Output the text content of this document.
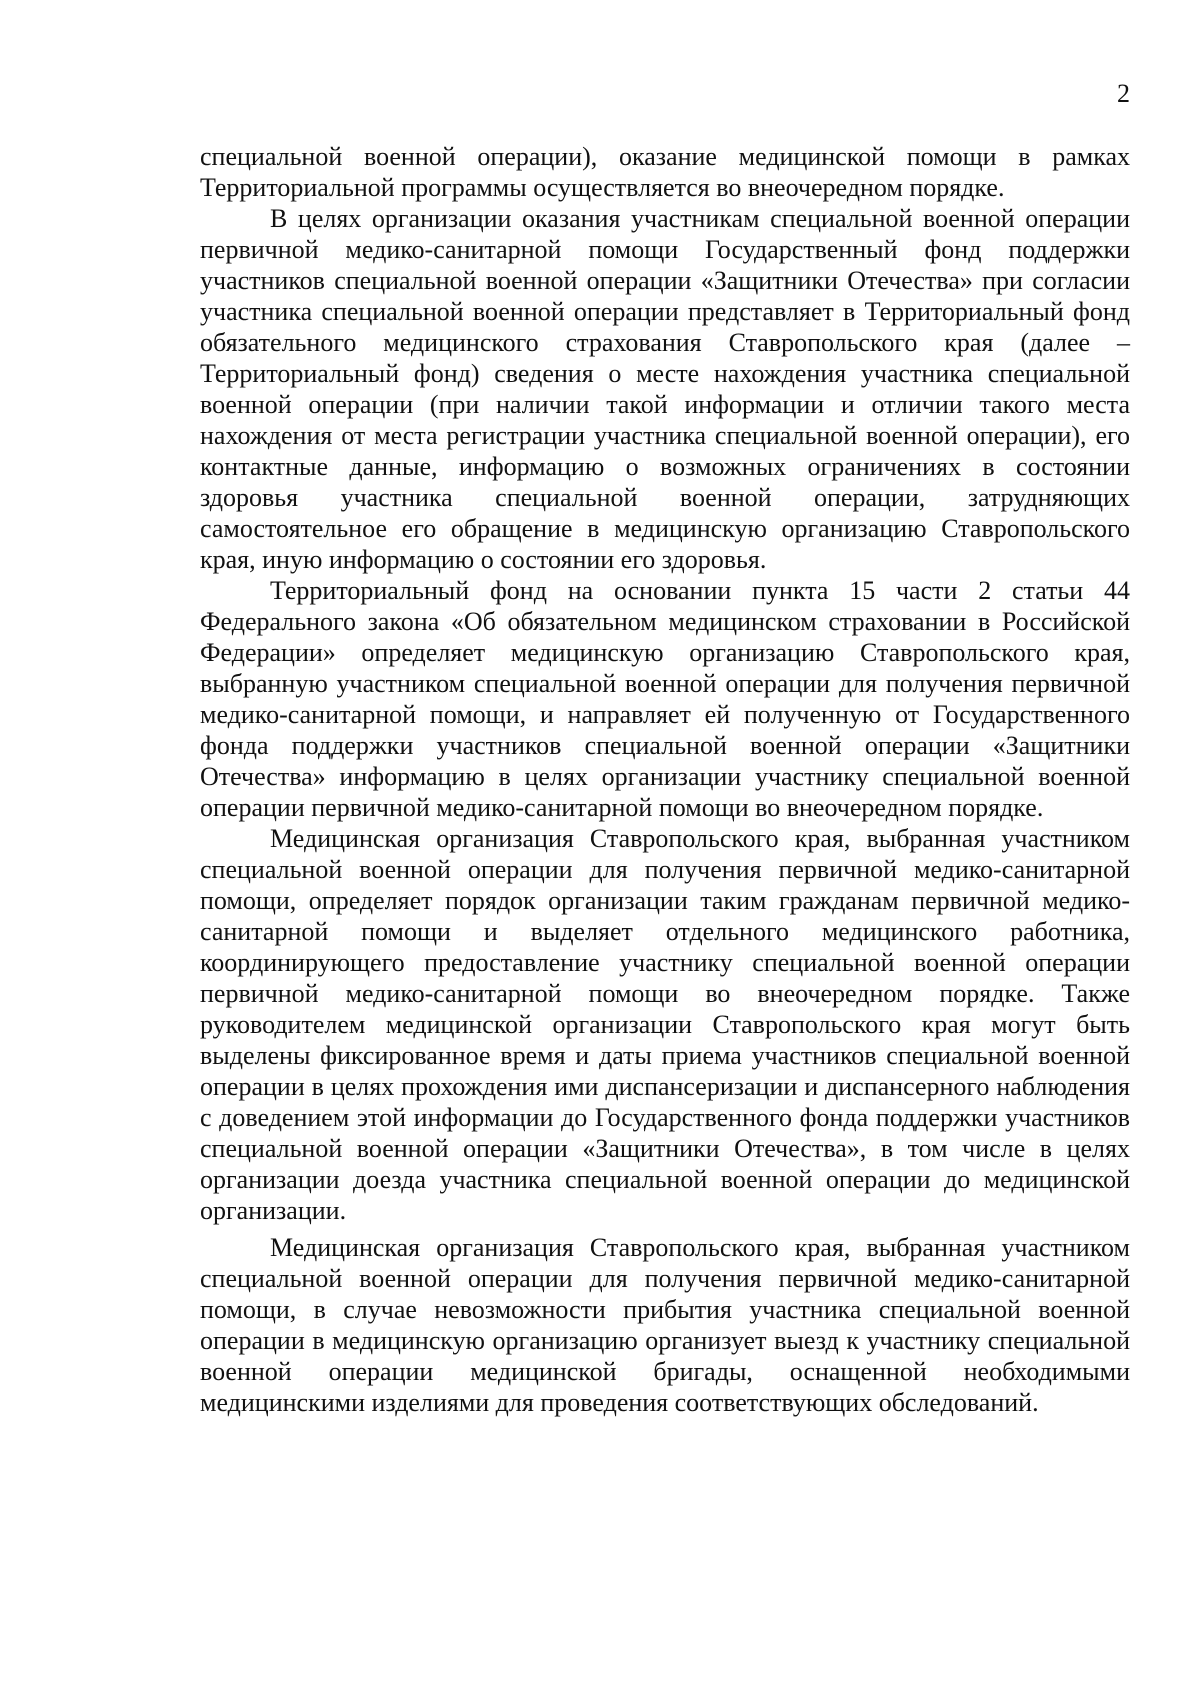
2

специальной военной операции), оказание медицинской помощи в рамках Территориальной программы осуществляется во внеочередном порядке.

В целях организации оказания участникам специальной военной операции первичной медико-санитарной помощи Государственный фонд поддержки участников специальной военной операции «Защитники Отечества» при согласии участника специальной военной операции представляет в Территориальный фонд обязательного медицинского страхования Ставропольского края (далее – Территориальный фонд) сведения о месте нахождения участника специальной военной операции (при наличии такой информации и отличии такого места нахождения от места регистрации участника специальной военной операции), его контактные данные, информацию о возможных ограничениях в состоянии здоровья участника специальной военной операции, затрудняющих самостоятельное его обращение в медицинскую организацию Ставропольского края, иную информацию о состоянии его здоровья.

Территориальный фонд на основании пункта 15 части 2 статьи 44 Федерального закона «Об обязательном медицинском страховании в Российской Федерации» определяет медицинскую организацию Ставропольского края, выбранную участником специальной военной операции для получения первичной медико-санитарной помощи, и направляет ей полученную от Государственного фонда поддержки участников специальной военной операции «Защитники Отечества» информацию в целях организации участнику специальной военной операции первичной медико-санитарной помощи во внеочередном порядке.

Медицинская организация Ставропольского края, выбранная участником специальной военной операции для получения первичной медико-санитарной помощи, определяет порядок организации таким гражданам первичной медико-санитарной помощи и выделяет отдельного медицинского работника, координирующего предоставление участнику специальной военной операции первичной медико-санитарной помощи во внеочередном порядке. Также руководителем медицинской организации Ставропольского края могут быть выделены фиксированное время и даты приема участников специальной военной операции в целях прохождения ими диспансеризации и диспансерного наблюдения с доведением этой информации до Государственного фонда поддержки участников специальной военной операции «Защитники Отечества», в том числе в целях организации доезда участника специальной военной операции до медицинской организации.

Медицинская организация Ставропольского края, выбранная участником специальной военной операции для получения первичной медико-санитарной помощи, в случае невозможности прибытия участника специальной военной операции в медицинскую организацию организует выезд к участнику специальной военной операции медицинской бригады, оснащенной необходимыми медицинскими изделиями для проведения соответствующих обследований.
